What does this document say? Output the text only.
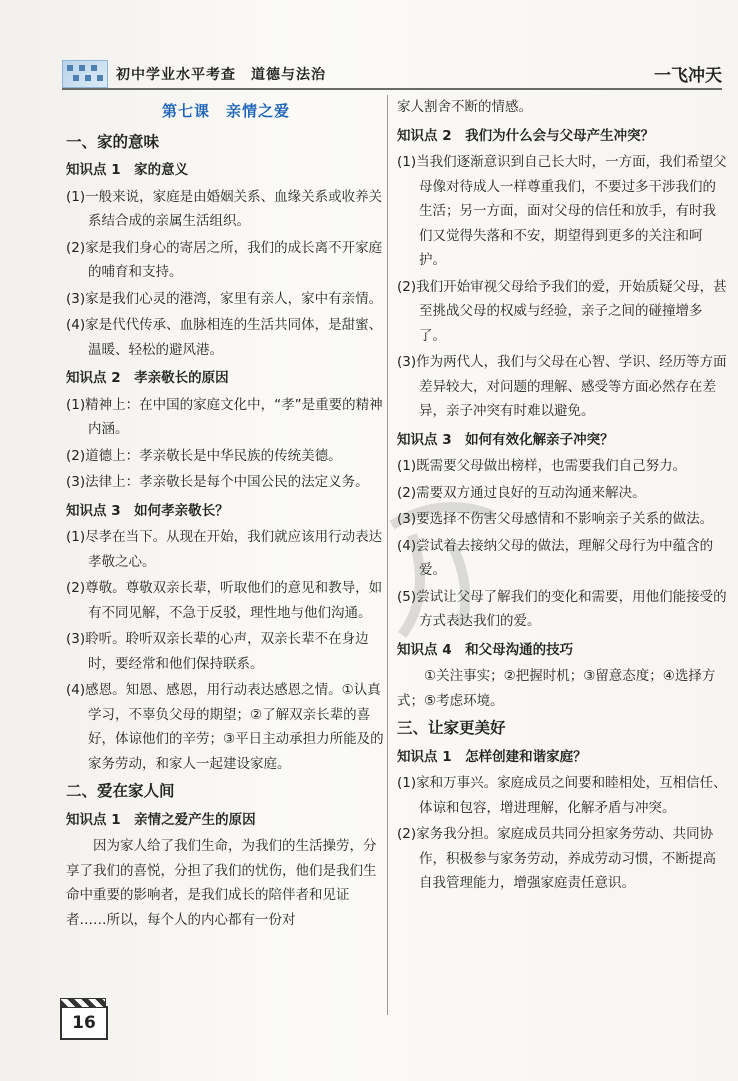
初中学业水平考查　道德与法治	一飞冲天
第七课　亲情之爱
一、家的意味
知识点 1　家的意义
(1)一般来说，家庭是由婚姻关系、血缘关系或收养关系结合成的亲属生活组织。
(2)家是我们身心的寄居之所，我们的成长离不开家庭的哺育和支持。
(3)家是我们心灵的港湾，家里有亲人，家中有亲情。
(4)家是代代传承、血脉相连的生活共同体，是甜蜜、温暖、轻松的避风港。
知识点 2　孝亲敬长的原因
(1)精神上：在中国的家庭文化中，“孝”是重要的精神内涵。
(2)道德上：孝亲敬长是中华民族的传统美德。
(3)法律上：孝亲敬长是每个中国公民的法定义务。
知识点 3　如何孝亲敬长？
(1)尽孝在当下。从现在开始，我们就应该用行动表达孝敬之心。
(2)尊敬。尊敬双亲长辈，听取他们的意见和教导，如有不同见解，不急于反驳，理性地与他们沟通。
(3)聆听。聆听双亲长辈的心声，双亲长辈不在身边时，要经常和他们保持联系。
(4)感恩。知恩、感恩，用行动表达感恩之情。①认真学习，不辜负父母的期望；②了解双亲长辈的喜好，体谅他们的辛劳；③平日主动承担力所能及的家务劳动，和家人一起建设家庭。
二、爱在家人间
知识点 1　亲情之爱产生的原因
因为家人给了我们生命，为我们的生活操劳，分享了我们的喜悦，分担了我们的忧伤，他们是我们生命中重要的影响者，是我们成长的陪伴者和见证者……所以，每个人的内心都有一份对
家人割舍不断的情感。
知识点 2　我们为什么会与父母产生冲突？
(1)当我们逐渐意识到自己长大时，一方面，我们希望父母像对待成人一样尊重我们，不要过多干涉我们的生活；另一方面，面对父母的信任和放手，有时我们又觉得失落和不安，期望得到更多的关注和呵护。
(2)我们开始审视父母给予我们的爱，开始质疑父母，甚至挑战父母的权威与经验，亲子之间的碰撞增多了。
(3)作为两代人，我们与父母在心智、学识、经历等方面差异较大，对问题的理解、感受等方面必然存在差异，亲子冲突有时难以避免。
知识点 3　如何有效化解亲子冲突？
(1)既需要父母做出榜样，也需要我们自己努力。
(2)需要双方通过良好的互动沟通来解决。
(3)要选择不伤害父母感情和不影响亲子关系的做法。
(4)尝试着去接纳父母的做法，理解父母行为中蕴含的爱。
(5)尝试让父母了解我们的变化和需要，用他们能接受的方式表达我们的爱。
知识点 4　和父母沟通的技巧
①关注事实；②把握时机；③留意态度；④选择方式；⑤考虑环境。
三、让家更美好
知识点 1　怎样创建和谐家庭？
(1)家和万事兴。家庭成员之间要和睦相处，互相信任、体谅和包容，增进理解，化解矛盾与冲突。
(2)家务我分担。家庭成员共同分担家务劳动、共同协作，积极参与家务劳动，养成劳动习惯，不断提高自我管理能力，增强家庭责任意识。
16
